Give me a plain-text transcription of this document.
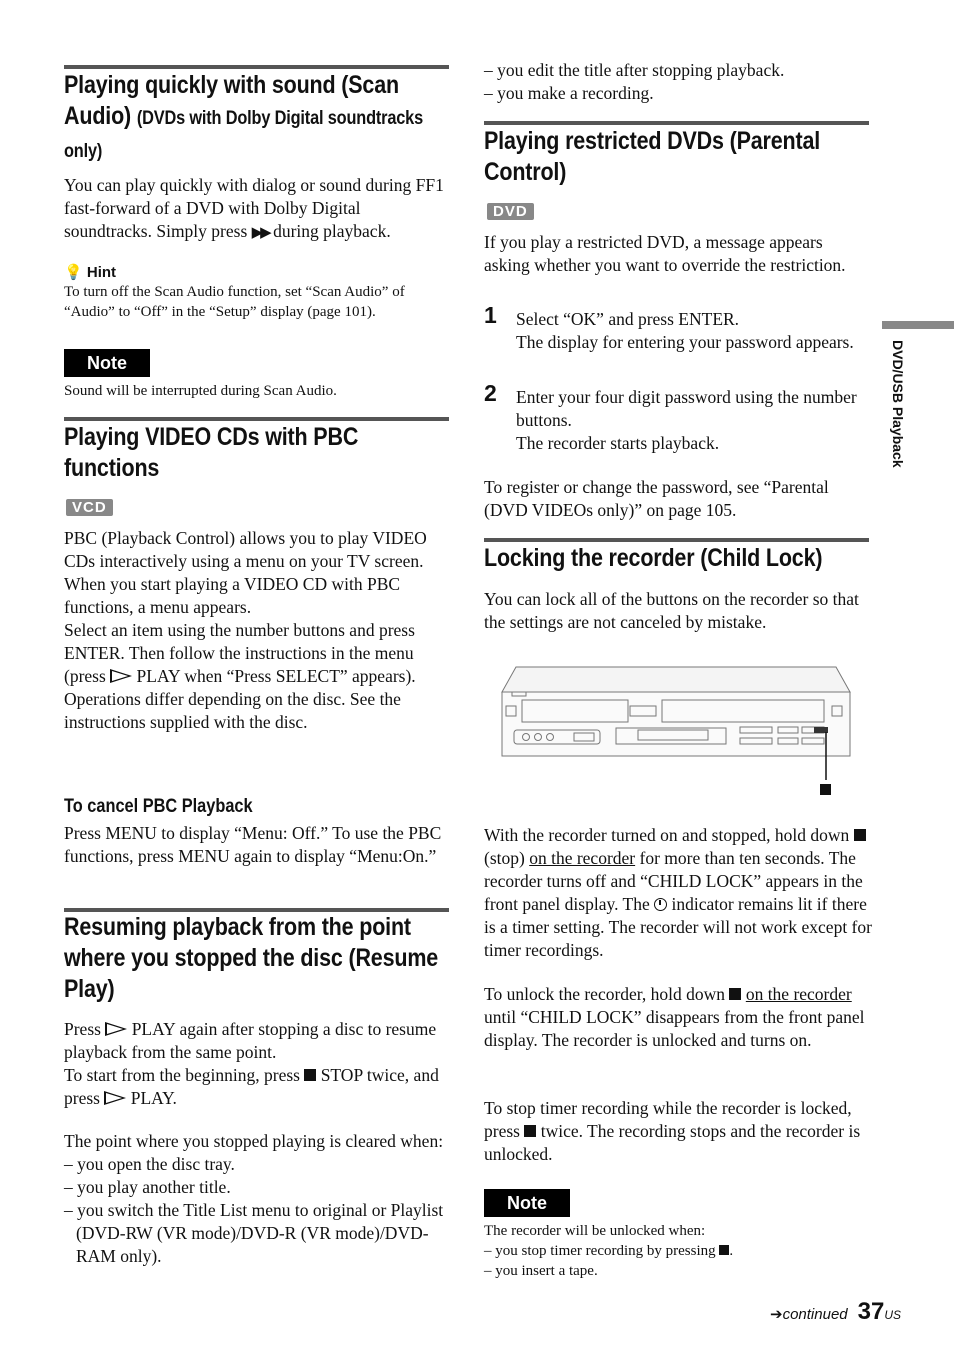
Playing quickly with sound (Scan Audio) (DVDs with Dolby Digital soundtracks only)
You can play quickly with dialog or sound during FF1 fast-forward of a DVD with Dolby Digital soundtracks. Simply press ▶▶ during playback.
💡 Hint
To turn off the Scan Audio function, set “Scan Audio” of “Audio” to “Off” in the “Setup” display (page 101).
Note
Sound will be interrupted during Scan Audio.
Playing VIDEO CDs with PBC functions
VCD
PBC (Playback Control) allows you to play VIDEO CDs interactively using a menu on your TV screen.
When you start playing a VIDEO CD with PBC functions, a menu appears.
Select an item using the number buttons and press ENTER. Then follow the instructions in the menu (press PLAY when “Press SELECT” appears).
Operations differ depending on the disc. See the instructions supplied with the disc.
To cancel PBC Playback
Press MENU to display “Menu: Off.” To use the PBC functions, press MENU again to display “Menu:On.”
Resuming playback from the point where you stopped the disc (Resume Play)
Press PLAY again after stopping a disc to resume playback from the same point.
To start from the beginning, press STOP twice, and press PLAY.
The point where you stopped playing is cleared when:
– you open the disc tray.
– you play another title.
– you switch the Title List menu to original or Playlist (DVD-RW (VR mode)/DVD-R (VR mode)/DVD-RAM only).
– you edit the title after stopping playback.
– you make a recording.
Playing restricted DVDs (Parental Control)
DVD
If you play a restricted DVD, a message appears asking whether you want to override the restriction.
1 Select “OK” and press ENTER.
The display for entering your password appears.
2 Enter your four digit password using the number buttons.
The recorder starts playback.
To register or change the password, see “Parental (DVD VIDEOs only)” on page 105.
Locking the recorder (Child Lock)
You can lock all of the buttons on the recorder so that the settings are not canceled by mistake.
With the recorder turned on and stopped, hold down  (stop) on the recorder for more than ten seconds. The recorder turns off and “CHILD LOCK” appears in the front panel display. The indicator remains lit if there is a timer setting. The recorder will not work except for timer recordings.
To unlock the recorder, hold down on the recorder until “CHILD LOCK” disappears from the front panel display. The recorder is unlocked and turns on.
To stop timer recording while the recorder is locked, press twice. The recording stops and the recorder is unlocked.
Note
The recorder will be unlocked when:
– you stop timer recording by pressing .
– you insert a tape.
DVD/USB Playback
➔continued 37US
